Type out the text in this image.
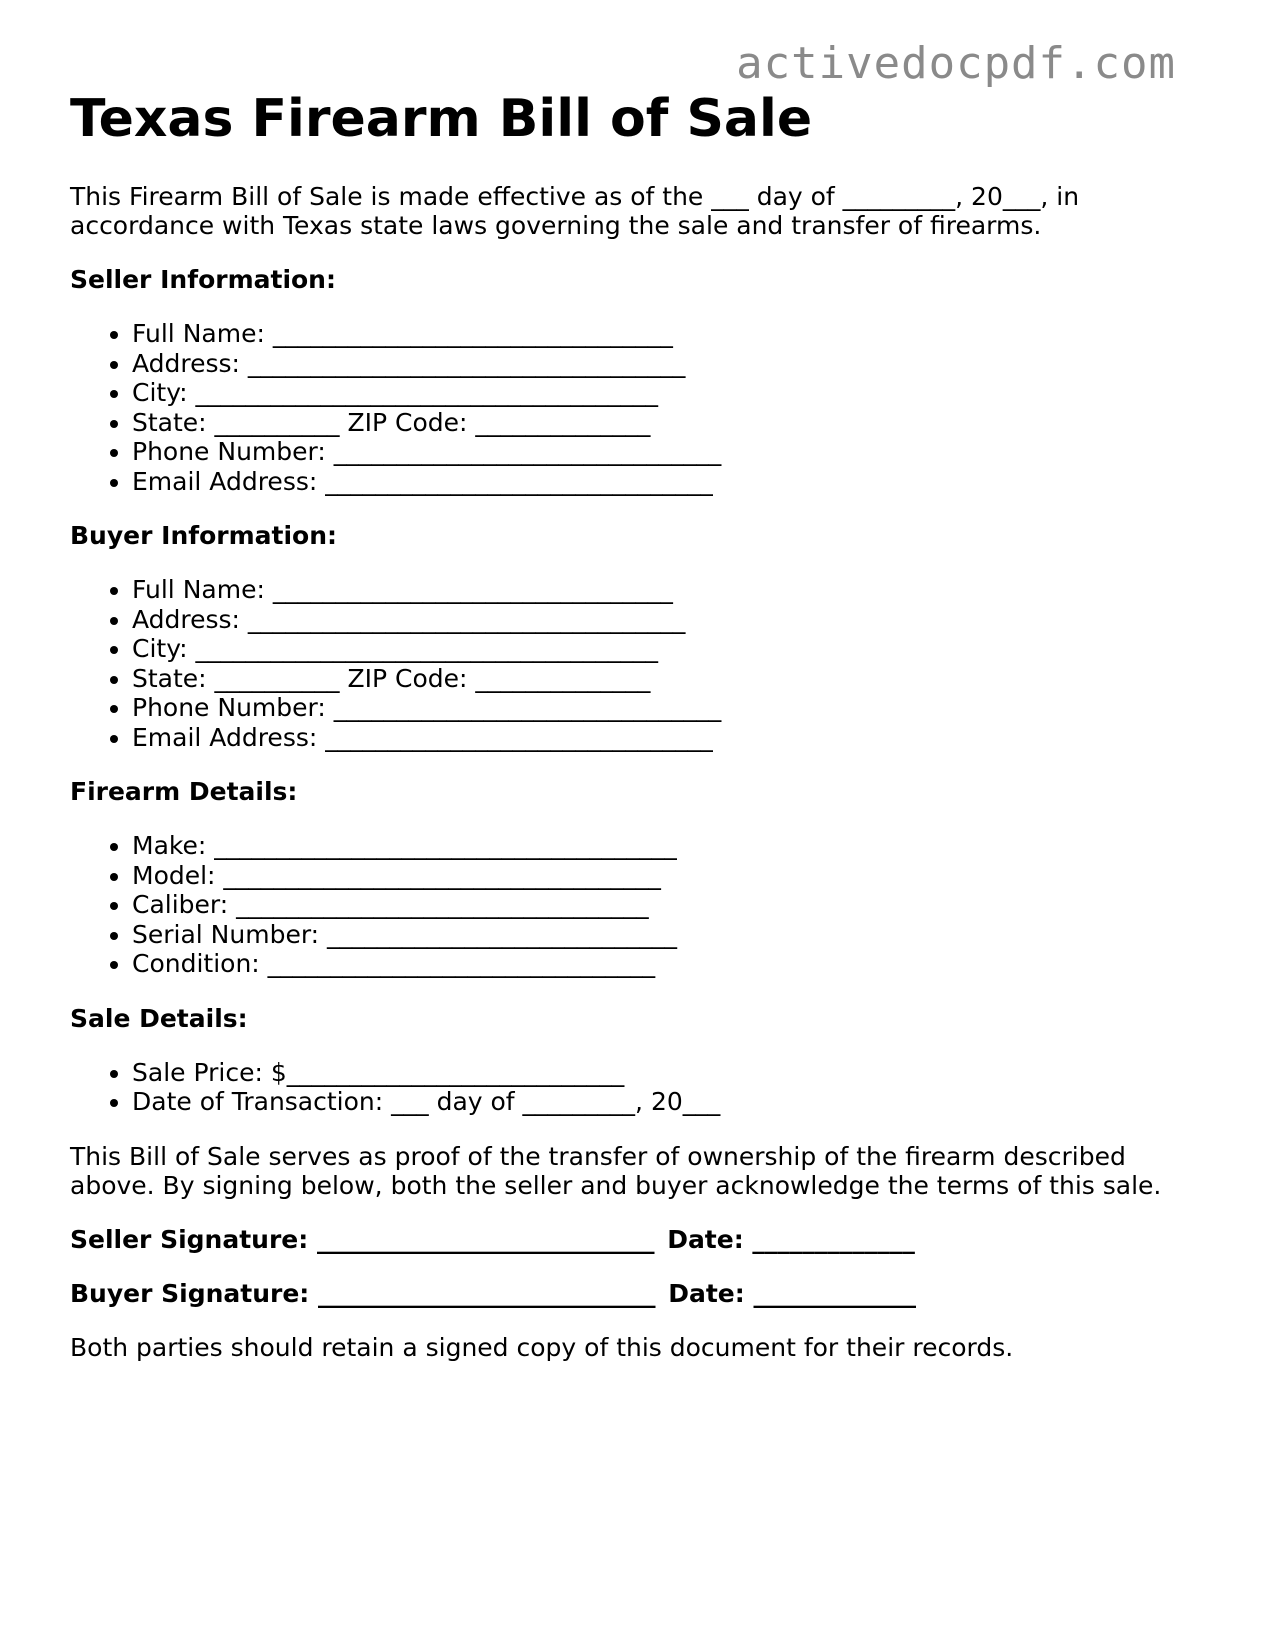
activedocpdf.com
Texas Firearm Bill of Sale

This Firearm Bill of Sale is made effective as of the ___ day of _________, 20___, in accordance with Texas state laws governing the sale and transfer of firearms.

Seller Information:
• Full Name: ________________________________
• Address: ___________________________________
• City: _____________________________________
• State: __________ ZIP Code: ______________
• Phone Number: _______________________________
• Email Address: _______________________________
Buyer Information:
• Full Name: ________________________________
• Address: ___________________________________
• City: _____________________________________
• State: __________ ZIP Code: ______________
• Phone Number: _______________________________
• Email Address: _______________________________
Firearm Details:
• Make: _____________________________________
• Model: ___________________________________
• Caliber: _________________________________
• Serial Number: ____________________________
• Condition: _______________________________
Sale Details:
• Sale Price: $___________________________
• Date of Transaction: ___ day of _________, 20___

This Bill of Sale serves as proof of the transfer of ownership of the firearm described above. By signing below, both the seller and buyer acknowledge the terms of this sale.

Seller Signature: ___________________________ Date: _____________
Buyer Signature: ___________________________ Date: _____________

Both parties should retain a signed copy of this document for their records.
